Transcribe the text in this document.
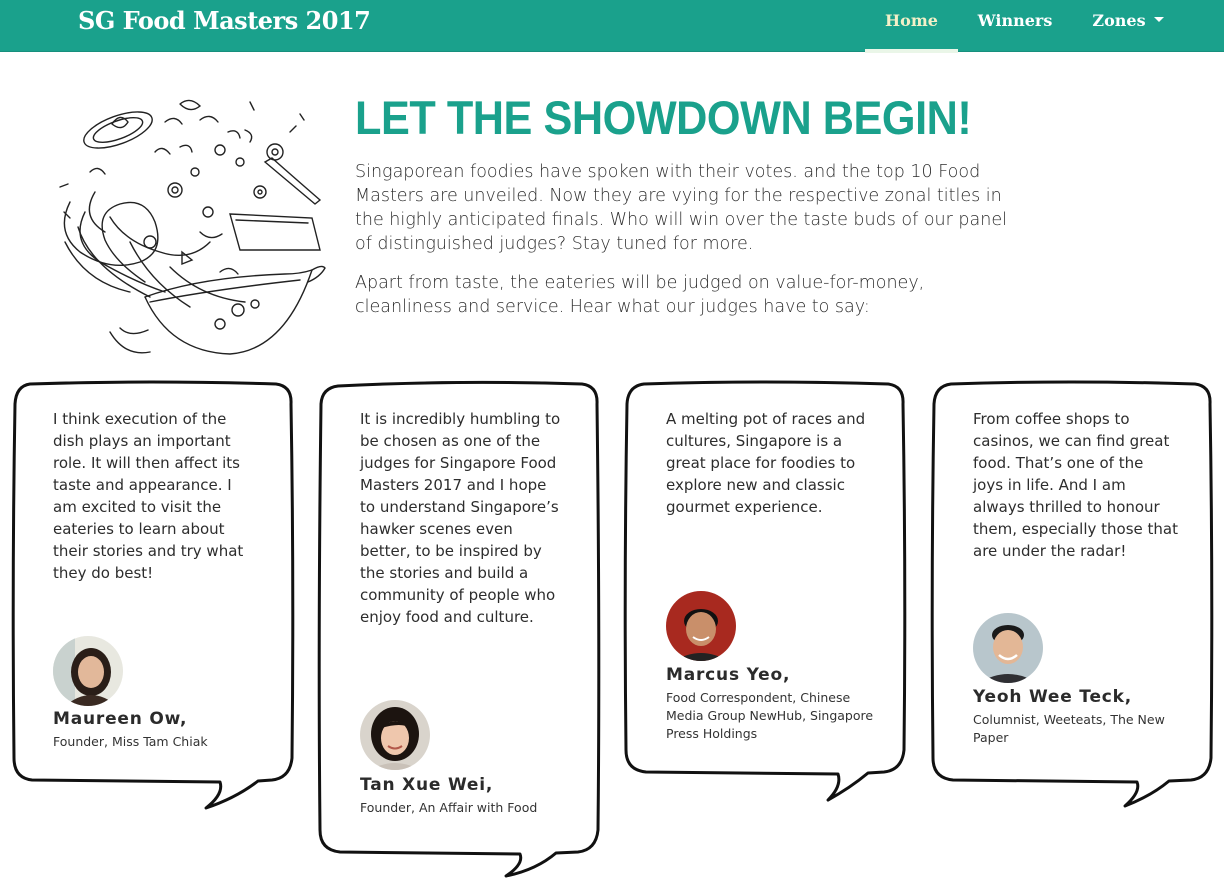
SG Food Masters 2017	Home	Winners	Zones
LET THE SHOWDOWN BEGIN!

Singaporean foodies have spoken with their votes. and the top 10 Food Masters are unveiled. Now they are vying for the respective zonal titles in the highly anticipated finals. Who will win over the taste buds of our panel of distinguished judges? Stay tuned for more.

Apart from taste, the eateries will be judged on value-for-money, cleanliness and service. Hear what our judges have to say:

I think execution of the dish plays an important role. It will then affect its taste and appearance. I am excited to visit the eateries to learn about their stories and try what they do best!

Maureen Ow,
Founder, Miss Tam Chiak

It is incredibly humbling to be chosen as one of the judges for Singapore Food Masters 2017 and I hope to understand Singapore’s hawker scenes even better, to be inspired by the stories and build a community of people who enjoy food and culture.

Tan Xue Wei,
Founder, An Affair with Food

A melting pot of races and cultures, Singapore is a great place for foodies to explore new and classic gourmet experience.

Marcus Yeo,
Food Correspondent, Chinese Media Group NewHub, Singapore Press Holdings

From coffee shops to casinos, we can find great food. That’s one of the joys in life. And I am always thrilled to honour them, especially those that are under the radar!

Yeoh Wee Teck,
Columnist, Weeteats, The New Paper
